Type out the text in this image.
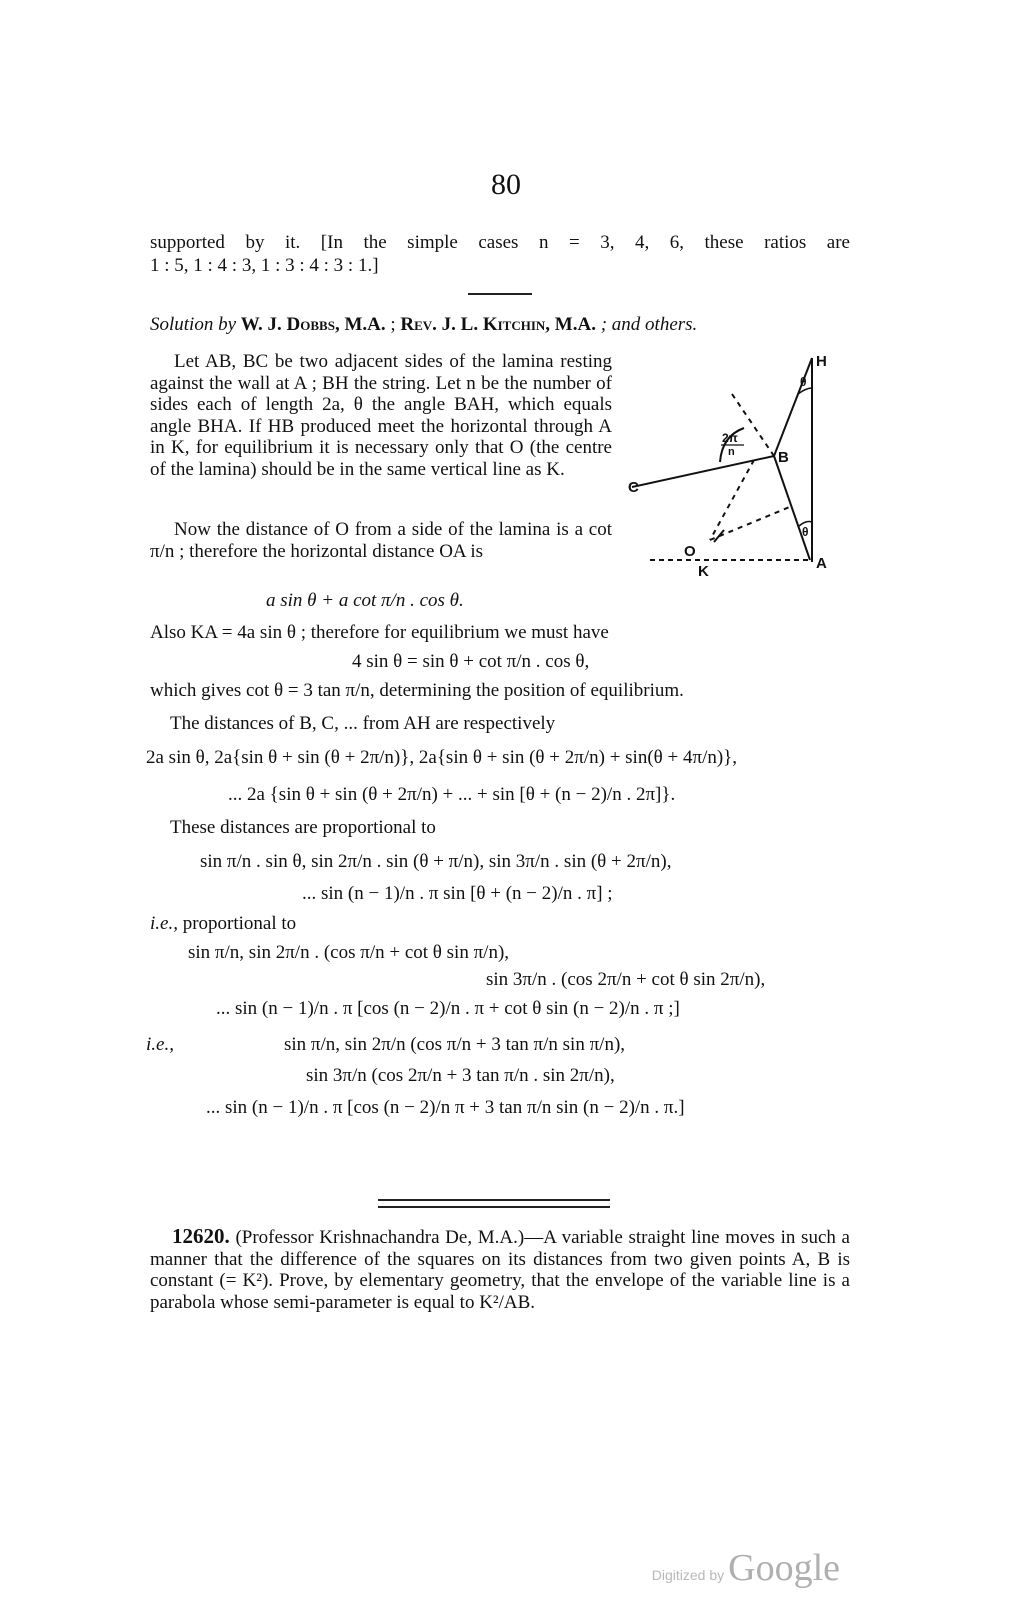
80
supported by it. [In the simple cases n = 3, 4, 6, these ratios are
1 : 5, 1 : 4 : 3, 1 : 3 : 4 : 3 : 1.]
Solution by W. J. Dobbs, M.A. ; Rev. J. L. Kitchin, M.A. ; and others.
Let AB, BC be two adjacent sides of the lamina resting against the wall at A ; BH the string. Let n be the number of sides each of length 2a, θ the angle BAH, which equals angle BHA. If HB produced meet the horizontal through A in K, for equilibrium it is necessary only that O (the centre of the lamina) should be in the same vertical line as K.
Now the distance of O from a side of the lamina is a cot π/n ; therefore the horizontal distance OA is
H
B
C
O
K	A
θ
θ
2π
n
a sin θ + a cot π/n . cos θ.
Also KA = 4a sin θ ; therefore for equilibrium we must have
4 sin θ = sin θ + cot π/n . cos θ,
which gives cot θ = 3 tan π/n, determining the position of equilibrium.
The distances of B, C, ... from AH are respectively
2a sin θ, 2a{sin θ + sin (θ + 2π/n)}, 2a{sin θ + sin (θ + 2π/n) + sin(θ + 4π/n)},
... 2a {sin θ + sin (θ + 2π/n) + ... + sin [θ + (n − 2)/n . 2π]}.
These distances are proportional to
sin π/n . sin θ, sin 2π/n . sin (θ + π/n), sin 3π/n . sin (θ + 2π/n),
... sin (n − 1)/n . π sin [θ + (n − 2)/n . π] ;
i.e., proportional to
sin π/n, sin 2π/n . (cos π/n + cot θ sin π/n),
sin 3π/n . (cos 2π/n + cot θ sin 2π/n),
... sin (n − 1)/n . π [cos (n − 2)/n . π + cot θ sin (n − 2)/n . π ;]
i.e.,	sin π/n, sin 2π/n (cos π/n + 3 tan π/n sin π/n),
sin 3π/n (cos 2π/n + 3 tan π/n . sin 2π/n),
... sin (n − 1)/n . π [cos (n − 2)/n π + 3 tan π/n sin (n − 2)/n . π.]
12620. (Professor Krishnachandra De, M.A.)—A variable straight line moves in such a manner that the difference of the squares on its distances from two given points A, B is constant (= K²). Prove, by elementary geometry, that the envelope of the variable line is a parabola whose semi-parameter is equal to K²/AB.
Digitized by Google
